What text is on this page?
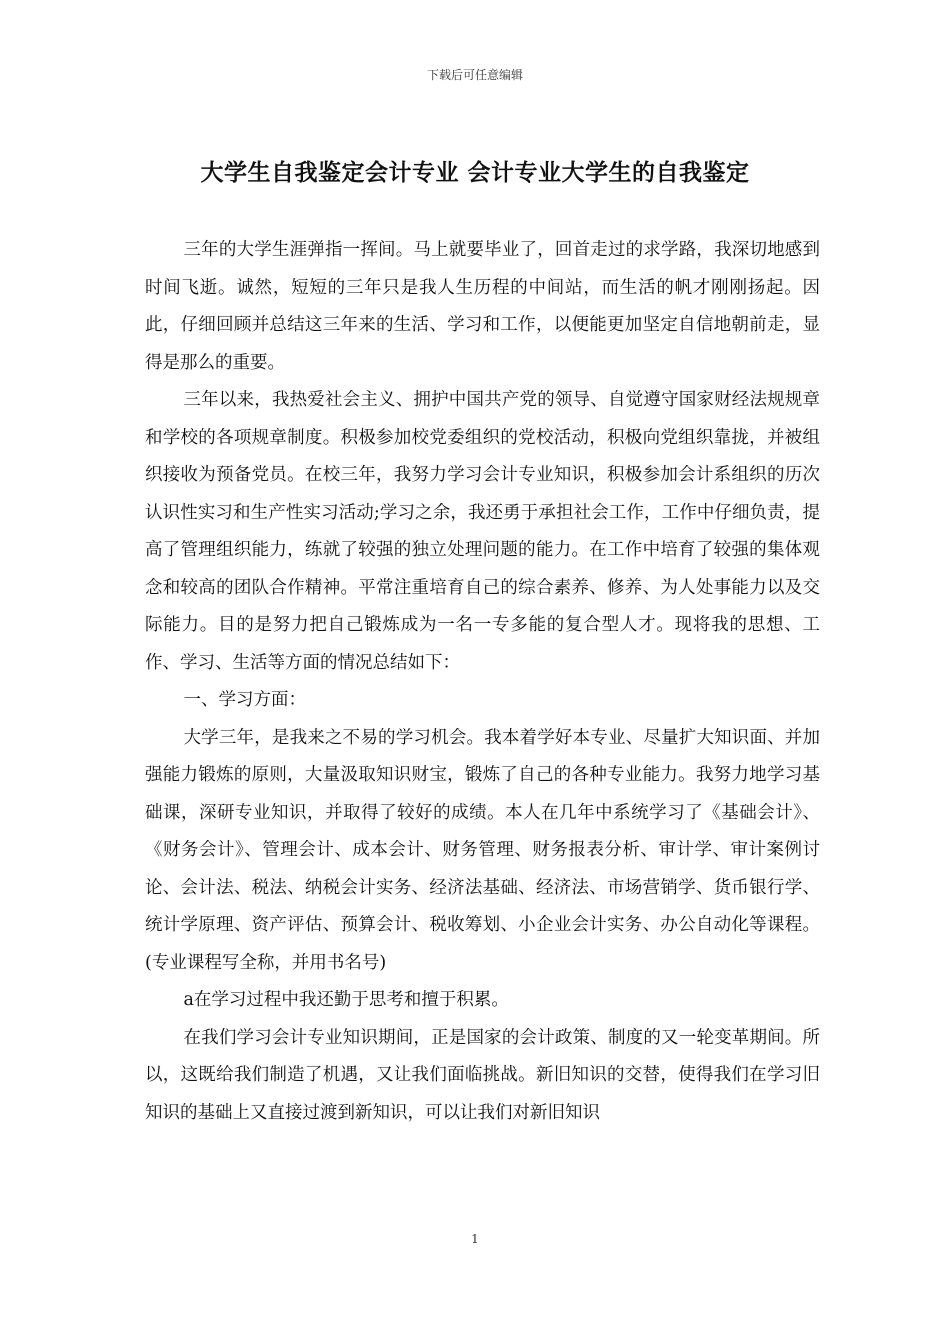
下载后可任意编辑
大学生自我鉴定会计专业 会计专业大学生的自我鉴定

三年的大学生涯弹指一挥间。马上就要毕业了，回首走过的求学路，我深切地感到时间飞逝。诚然，短短的三年只是我人生历程的中间站，而生活的帆才刚刚扬起。因此，仔细回顾并总结这三年来的生活、学习和工作，以便能更加坚定自信地朝前走，显得是那么的重要。

三年以来，我热爱社会主义、拥护中国共产党的领导、自觉遵守国家财经法规规章和学校的各项规章制度。积极参加校党委组织的党校活动，积极向党组织靠拢，并被组织接收为预备党员。在校三年，我努力学习会计专业知识，积极参加会计系组织的历次认识性实习和生产性实习活动;学习之余，我还勇于承担社会工作，工作中仔细负责，提高了管理组织能力，练就了较强的独立处理问题的能力。在工作中培育了较强的集体观念和较高的团队合作精神。平常注重培育自己的综合素养、修养、为人处事能力以及交际能力。目的是努力把自己锻炼成为一名一专多能的复合型人才。现将我的思想、工作、学习、生活等方面的情况总结如下：

一、学习方面：

大学三年，是我来之不易的学习机会。我本着学好本专业、尽量扩大知识面、并加强能力锻炼的原则，大量汲取知识财宝，锻炼了自己的各种专业能力。我努力地学习基础课，深研专业知识，并取得了较好的成绩。本人在几年中系统学习了《基础会计》、《财务会计》、管理会计、成本会计、财务管理、财务报表分析、审计学、审计案例讨论、会计法、税法、纳税会计实务、经济法基础、经济法、市场营销学、货币银行学、统计学原理、资产评估、预算会计、税收筹划、小企业会计实务、办公自动化等课程。(专业课程写全称，并用书名号)

a在学习过程中我还勤于思考和擅于积累。

在我们学习会计专业知识期间，正是国家的会计政策、制度的又一轮变革期间。所以，这既给我们制造了机遇，又让我们面临挑战。新旧知识的交替，使得我们在学习旧知识的基础上又直接过渡到新知识，可以让我们对新旧知识

1
